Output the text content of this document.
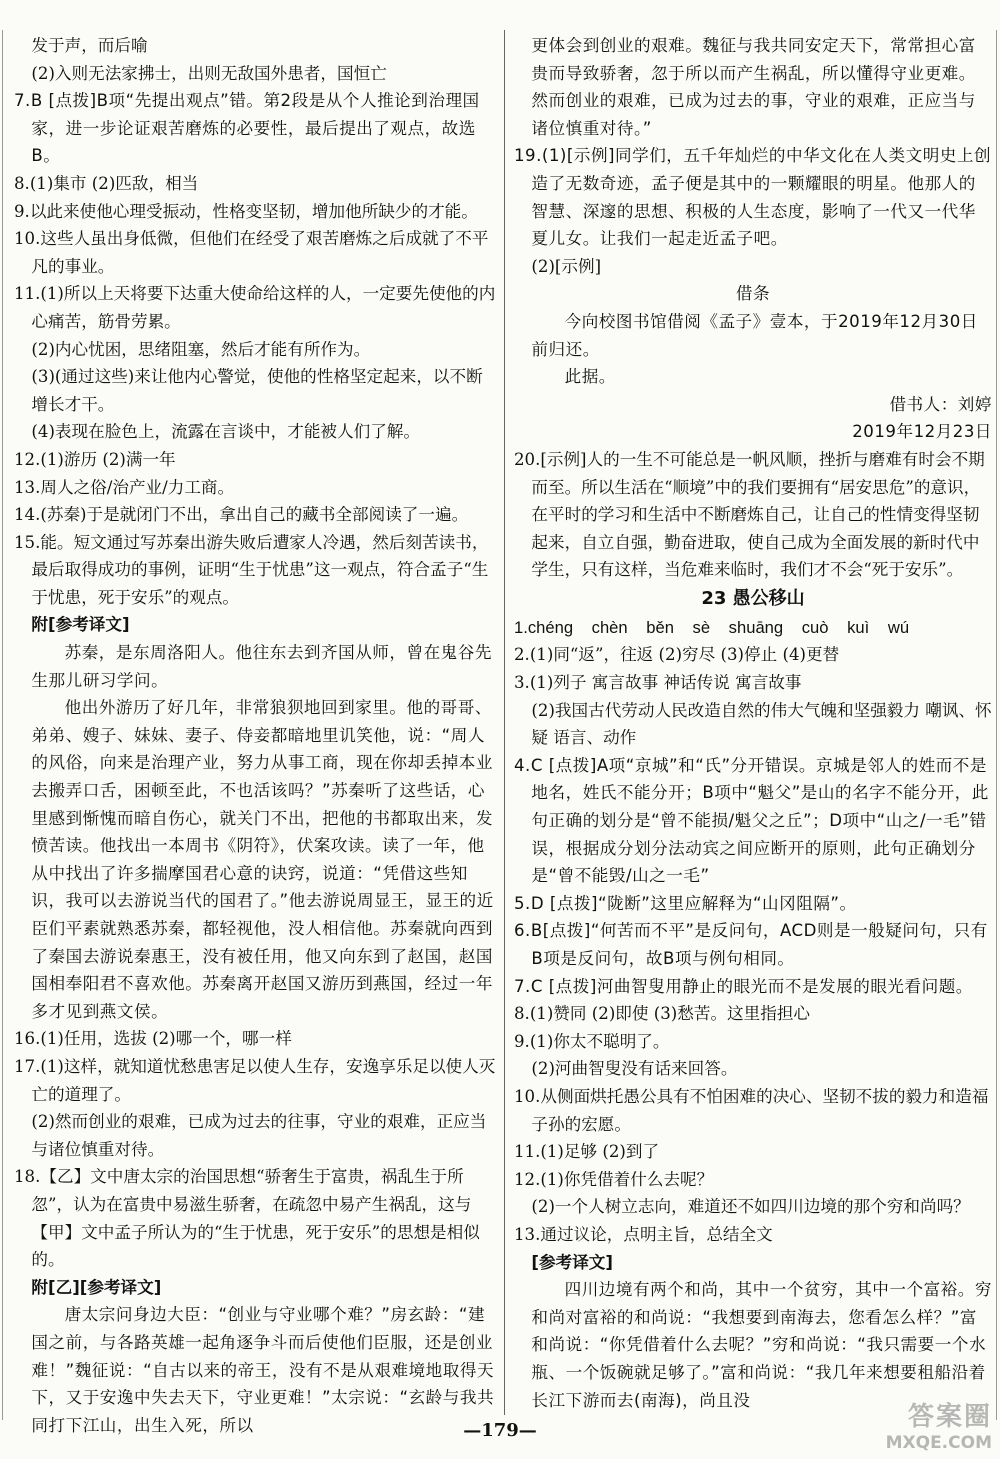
发于声，而后喻

(2)入则无法家拂士，出则无敌国外患者，国恒亡

7.B [点拨]B项“先提出观点”错。第2段是从个人推论到治理国家，进一步论证艰苦磨炼的必要性，最后提出了观点，故选B。

8.(1)集市 (2)匹敌，相当

9.以此来使他心理受振动，性格变坚韧，增加他所缺少的才能。

10.这些人虽出身低微，但他们在经受了艰苦磨炼之后成就了不平凡的事业。

11.(1)所以上天将要下达重大使命给这样的人，一定要先使他的内心痛苦，筋骨劳累。

(2)内心忧困，思绪阻塞，然后才能有所作为。

(3)(通过这些)来让他内心警觉，使他的性格坚定起来，以不断增长才干。

(4)表现在脸色上，流露在言谈中，才能被人们了解。

12.(1)游历 (2)满一年

13.周人之俗/治产业/力工商。

14.(苏秦)于是就闭门不出，拿出自己的藏书全部阅读了一遍。

15.能。短文通过写苏秦出游失败后遭家人冷遇，然后刻苦读书，最后取得成功的事例，证明“生于忧患”这一观点，符合孟子“生于忧患，死于安乐”的观点。

附[参考译文]

苏秦，是东周洛阳人。他往东去到齐国从师，曾在鬼谷先生那儿研习学问。

他出外游历了好几年，非常狼狈地回到家里。他的哥哥、弟弟、嫂子、妹妹、妻子、侍妾都暗地里讥笑他，说：“周人的风俗，向来是治理产业，努力从事工商，现在你却丢掉本业去搬弄口舌，困顿至此，不也活该吗？”苏秦听了这些话，心里感到惭愧而暗自伤心，就关门不出，把他的书都取出来，发愤苦读。他找出一本周书《阴符》，伏案攻读。读了一年，他从中找出了许多揣摩国君心意的诀窍，说道：“凭借这些知识，我可以去游说当代的国君了。”他去游说周显王，显王的近臣们平素就熟悉苏秦，都轻视他，没人相信他。苏秦就向西到了秦国去游说秦惠王，没有被任用，他又向东到了赵国，赵国国相奉阳君不喜欢他。苏秦离开赵国又游历到燕国，经过一年多才见到燕文侯。

16.(1)任用，选拔 (2)哪一个，哪一样

17.(1)这样，就知道忧愁患害足以使人生存，安逸享乐足以使人灭亡的道理了。

(2)然而创业的艰难，已成为过去的往事，守业的艰难，正应当与诸位慎重对待。

18.【乙】文中唐太宗的治国思想“骄奢生于富贵，祸乱生于所忽”，认为在富贵中易滋生骄奢，在疏忽中易产生祸乱，这与【甲】文中孟子所认为的“生于忧患，死于安乐”的思想是相似的。

附[乙][参考译文]

唐太宗问身边大臣：“创业与守业哪个难？”房玄龄：“建国之前，与各路英雄一起角逐争斗而后使他们臣服，还是创业难！”魏征说：“自古以来的帝王，没有不是从艰难境地取得天下，又于安逸中失去天下，守业更难！”太宗说：“玄龄与我共同打下江山，出生入死，所以

更体会到创业的艰难。魏征与我共同安定天下，常常担心富贵而导致骄奢，忽于所以而产生祸乱，所以懂得守业更难。然而创业的艰难，已成为过去的事，守业的艰难，正应当与诸位慎重对待。”

19.(1)[示例]同学们，五千年灿烂的中华文化在人类文明史上创造了无数奇迹，孟子便是其中的一颗耀眼的明星。他那人的智慧、深邃的思想、积极的人生态度，影响了一代又一代华夏儿女。让我们一起走近孟子吧。

(2)[示例]

借条

今向校图书馆借阅《孟子》壹本，于2019年12月30日前归还。

此据。

借书人：刘婷

2019年12月23日

20.[示例]人的一生不可能总是一帆风顺，挫折与磨难有时会不期而至。所以生活在“顺境”中的我们要拥有“居安思危”的意识，在平时的学习和生活中不断磨炼自己，让自己的性情变得坚韧起来，自立自强，勤奋进取，使自己成为全面发展的新时代中学生，只有这样，当危难来临时，我们才不会“死于安乐”。

23 愚公移山

1.chéng chèn běn sè shuāng cuò kuì wú

2.(1)同“返”，往返 (2)穷尽 (3)停止 (4)更替

3.(1)列子 寓言故事 神话传说 寓言故事

(2)我国古代劳动人民改造自然的伟大气魄和坚强毅力 嘲讽、怀疑 语言、动作

4.C [点拨]A项“京城”和“氏”分开错误。京城是邻人的姓而不是地名，姓氏不能分开；B项中“魁父”是山的名字不能分开，此句正确的划分是“曾不能损/魁父之丘”；D项中“山之/一毛”错误，根据成分划分法动宾之间应断开的原则，此句正确划分是“曾不能毁/山之一毛”

5.D [点拨]“陇断”这里应解释为“山冈阻隔”。

6.B[点拨]“何苦而不平”是反问句，ACD则是一般疑问句，只有B项是反问句，故B项与例句相同。

7.C [点拨]河曲智叟用静止的眼光而不是发展的眼光看问题。

8.(1)赞同 (2)即使 (3)愁苦。这里指担心

9.(1)你太不聪明了。

(2)河曲智叟没有话来回答。

10.从侧面烘托愚公具有不怕困难的决心、坚韧不拔的毅力和造福子孙的宏愿。

11.(1)足够 (2)到了

12.(1)你凭借着什么去呢？

(2)一个人树立志向，难道还不如四川边境的那个穷和尚吗？

13.通过议论，点明主旨，总结全文

[参考译文]

四川边境有两个和尚，其中一个贫穷，其中一个富裕。穷和尚对富裕的和尚说：“我想要到南海去，您看怎么样？”富和尚说：“你凭借着什么去呢？”穷和尚说：“我只需要一个水瓶、一个饭碗就足够了。”富和尚说：“我几年来想要租船沿着长江下游而去(南海)，尚且没

—179—	答案圈
MXQE.COM
